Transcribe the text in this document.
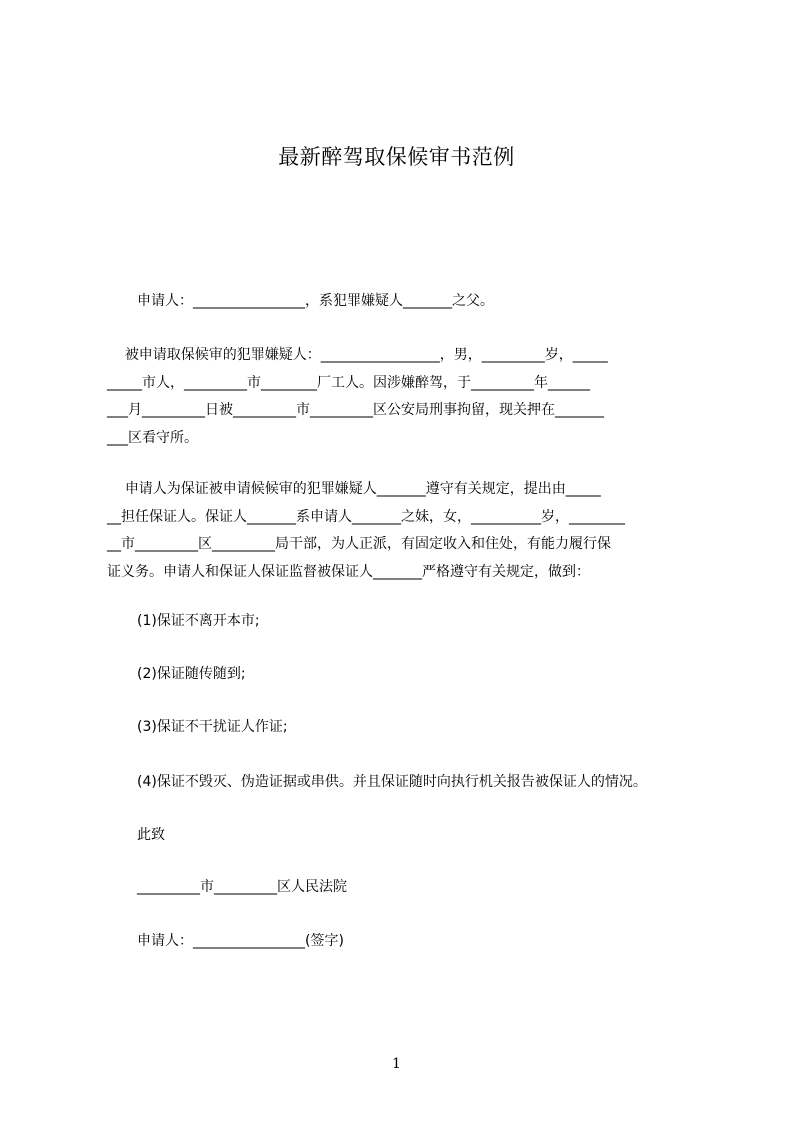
最新醉驾取保候审书范例

申请人：________________，系犯罪嫌疑人_______之父。

被申请取保候审的犯罪嫌疑人：_________________，男，_________岁，_____

_____市人，_________市________厂工人。因涉嫌醉驾，于_________年______

___月_________日被_________市_________区公安局刑事拘留，现关押在_______

___区看守所。

申请人为保证被申请候候审的犯罪嫌疑人_______遵守有关规定，提出由_____

__担任保证人。保证人_______系申请人_______之妹，女，__________岁，________

__市_________区_________局干部，为人正派，有固定收入和住处，有能力履行保

证义务。申请人和保证人保证监督被保证人_______严格遵守有关规定，做到：

(1)保证不离开本市;

(2)保证随传随到;

(3)保证不干扰证人作证;

(4)保证不毁灭、伪造证据或串供。并且保证随时向执行机关报告被保证人的情况。

此致

_________市_________区人民法院

申请人：________________(签字)

1
